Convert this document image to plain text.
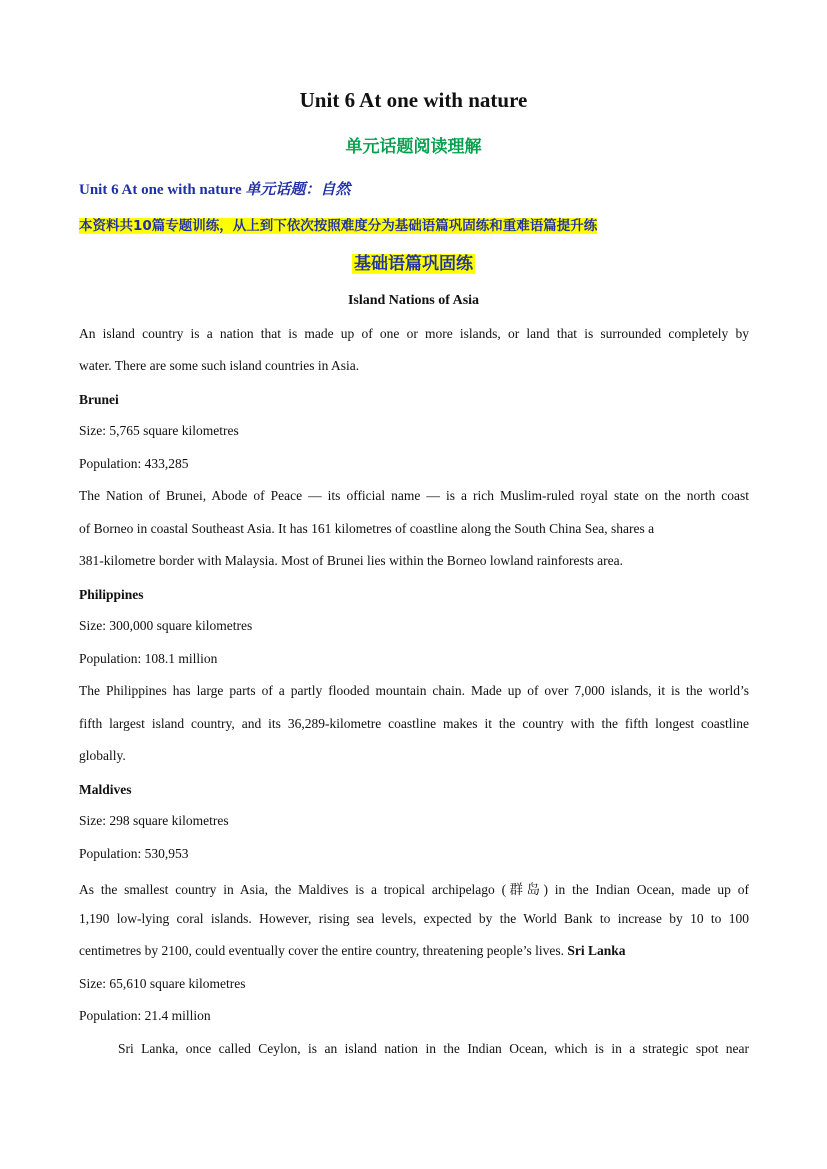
Unit 6 At one with nature
单元话题阅读理解
Unit 6 At one with nature 单元话题：自然
本资料共10篇专题训练，从上到下依次按照难度分为基础语篇巩固练和重难语篇提升练
基础语篇巩固练
Island Nations of Asia
An island country is a nation that is made up of one or more islands, or land that is surrounded completely by
water. There are some such island countries in Asia.
Brunei
Size: 5,765 square kilometres
Population: 433,285
The Nation of Brunei, Abode of Peace — its official name — is a rich Muslim-ruled royal state on the north coast
of Borneo in coastal Southeast Asia. It has 161 kilometres of coastline along the South China Sea, shares a
381-kilometre border with Malaysia. Most of Brunei lies within the Borneo lowland rainforests area.
Philippines
Size: 300,000 square kilometres
Population: 108.1 million
The Philippines has large parts of a partly flooded mountain chain. Made up of over 7,000 islands, it is the world’s
fifth largest island country, and its 36,289-kilometre coastline makes it the country with the fifth longest coastline
globally.
Maldives
Size: 298 square kilometres
Population: 530,953
As the smallest country in Asia, the Maldives is a tropical archipelago (群岛) in the Indian Ocean, made up of
1,190 low-lying coral islands. However, rising sea levels, expected by the World Bank to increase by 10 to 100
centimetres by 2100, could eventually cover the entire country, threatening people’s lives. Sri Lanka
Size: 65,610 square kilometres
Population: 21.4 million
Sri Lanka, once called Ceylon, is an island nation in the Indian Ocean, which is in a strategic spot near
